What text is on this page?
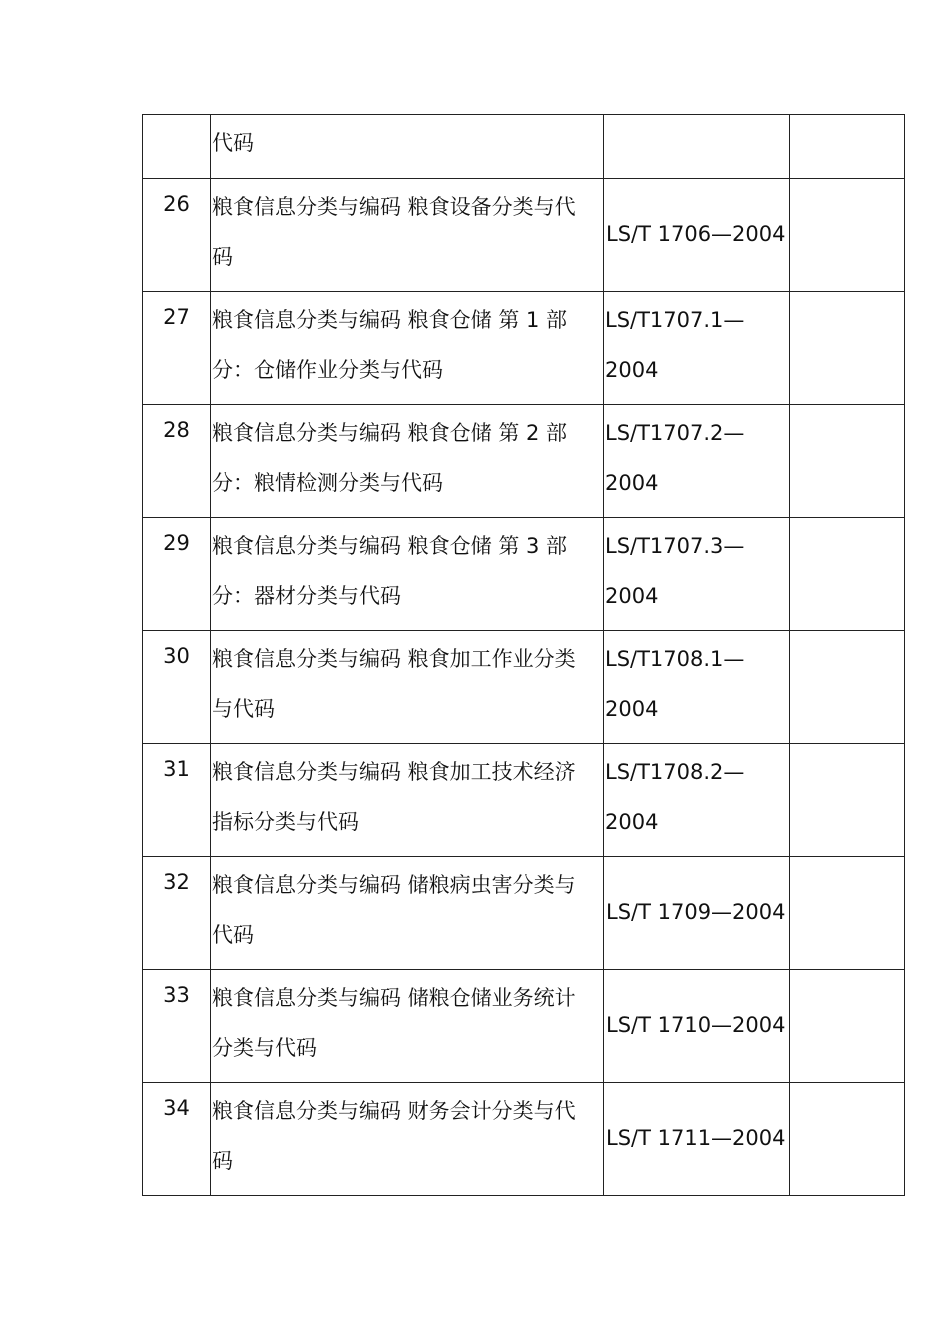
	代码		

26	粮食信息分类与编码 粮食设备分类与代码	LS/T 1706—2004	

27	粮食信息分类与编码 粮食仓储 第 1 部分：仓储作业分类与代码	LS/T1707.1—2004	

28	粮食信息分类与编码 粮食仓储 第 2 部分：粮情检测分类与代码	LS/T1707.2—2004	

29	粮食信息分类与编码 粮食仓储 第 3 部分：器材分类与代码	LS/T1707.3—2004	

30	粮食信息分类与编码 粮食加工作业分类与代码	LS/T1708.1—2004	

31	粮食信息分类与编码 粮食加工技术经济指标分类与代码	LS/T1708.2—2004	

32	粮食信息分类与编码 储粮病虫害分类与代码	LS/T 1709—2004	

33	粮食信息分类与编码 储粮仓储业务统计分类与代码	LS/T 1710—2004	

34	粮食信息分类与编码 财务会计分类与代码	LS/T 1711—2004	
